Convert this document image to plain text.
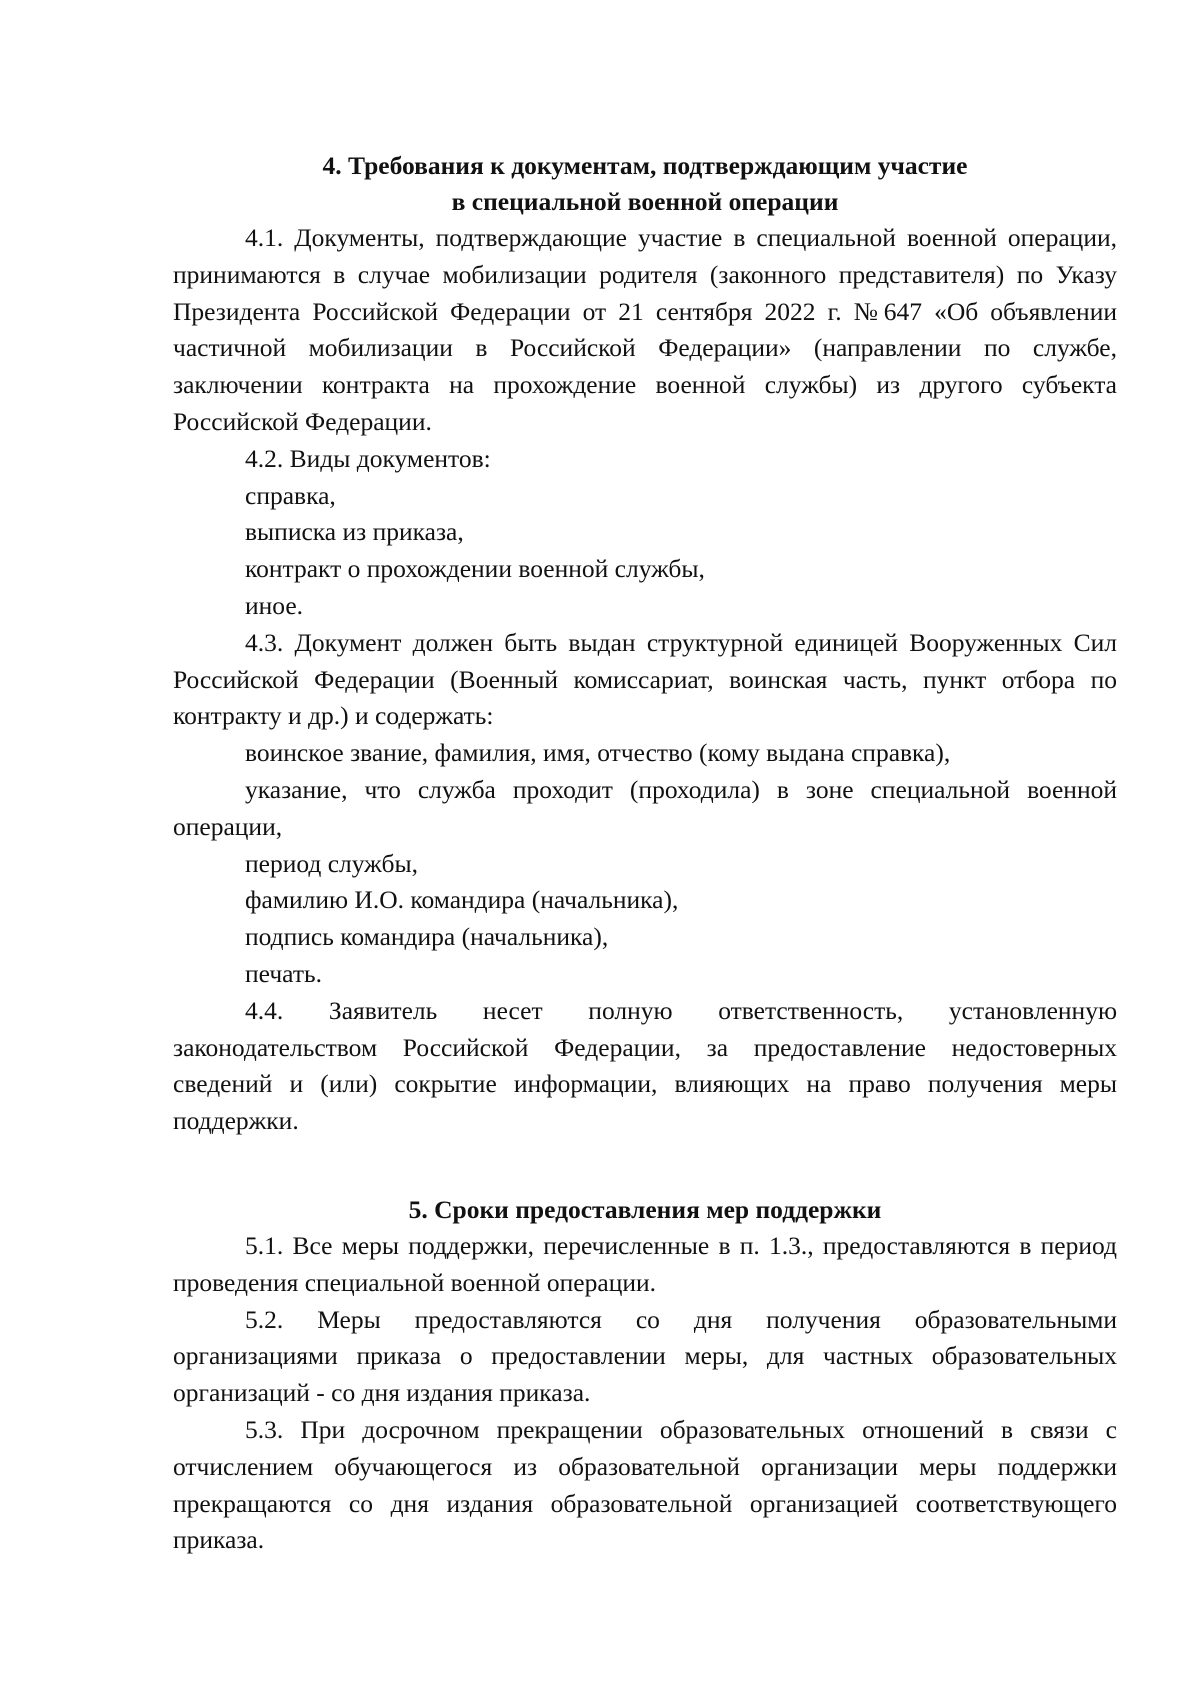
4. Требования к документам, подтверждающим участие
в специальной военной операции

4.1. Документы, подтверждающие участие в специальной военной операции, принимаются в случае мобилизации родителя (законного представителя) по Указу Президента Российской Федерации от 21 сентября 2022 г. №647 «Об объявлении частичной мобилизации в Российской Федерации» (направлении по службе, заключении контракта на прохождение военной службы) из другого субъекта Российской Федерации.

4.2. Виды документов:

справка,

выписка из приказа,

контракт о прохождении военной службы,

иное.

4.3. Документ должен быть выдан структурной единицей Вооруженных Сил Российской Федерации (Военный комиссариат, воинская часть, пункт отбора по контракту и др.) и содержать:

воинское звание, фамилия, имя, отчество (кому выдана справка),

указание, что служба проходит (проходила) в зоне специальной военной операции,

период службы,

фамилию И.О. командира (начальника),

подпись командира (начальника),

печать.

4.4. Заявитель несет полную ответственность, установленную законодательством Российской Федерации, за предоставление недостоверных сведений и (или) сокрытие информации, влияющих на право получения меры поддержки.

5. Сроки предоставления мер поддержки

5.1. Все меры поддержки, перечисленные в п. 1.3., предоставляются в период проведения специальной военной операции.

5.2. Меры предоставляются со дня получения образовательными организациями приказа о предоставлении меры, для частных образовательных организаций - со дня издания приказа.

5.3. При досрочном прекращении образовательных отношений в связи с отчислением обучающегося из образовательной организации меры поддержки прекращаются со дня издания образовательной организацией соответствующего приказа.
